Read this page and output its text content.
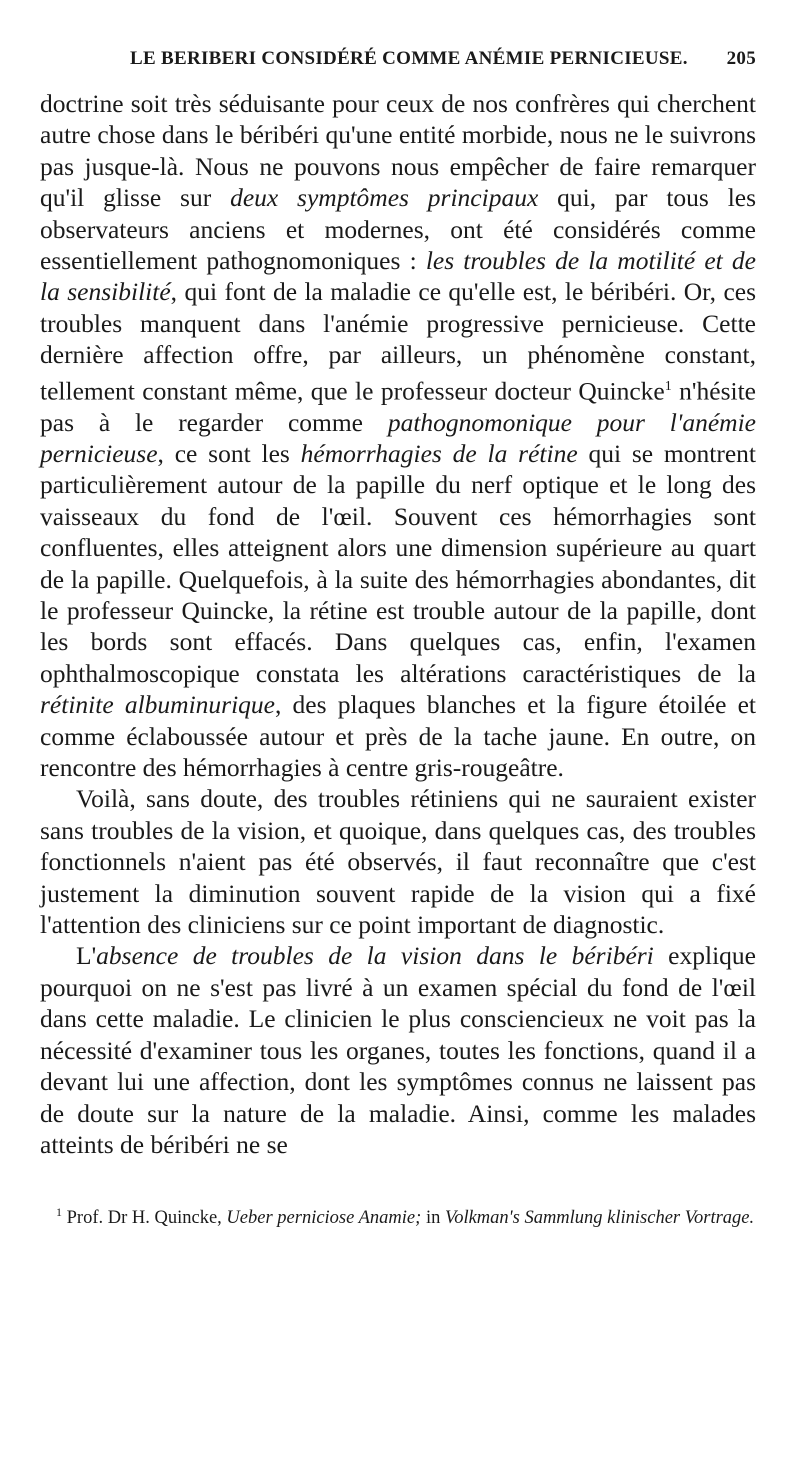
LE BERIBERI CONSIDÉRÉ COMME ANÉMIE PERNICIEUSE. 205

doctrine soit très séduisante pour ceux de nos confrères qui cherchent autre chose dans le béribéri qu'une entité morbide, nous ne le suivrons pas jusque-là. Nous ne pouvons nous empêcher de faire remarquer qu'il glisse sur deux symptômes principaux qui, par tous les observateurs anciens et modernes, ont été considérés comme essentiellement pathognomoniques : les troubles de la motilité et de la sensibilité, qui font de la maladie ce qu'elle est, le béribéri. Or, ces troubles manquent dans l'anémie progressive pernicieuse. Cette dernière affection offre, par ailleurs, un phénomène constant, tellement constant même, que le professeur docteur Quincke$^1$ n'hésite pas à le regarder comme pathognomonique pour l'anémie pernicieuse, ce sont les hémorrhagies de la rétine qui se montrent particulièrement autour de la papille du nerf optique et le long des vaisseaux du fond de l'œil. Souvent ces hémorrhagies sont confluentes, elles atteignent alors une dimension supérieure au quart de la papille. Quelquefois, à la suite des hémorrhagies abondantes, dit le professeur Quincke, la rétine est trouble autour de la papille, dont les bords sont effacés. Dans quelques cas, enfin, l'examen ophthalmoscopique constata les altérations caractéristiques de la rétinite albuminurique, des plaques blanches et la figure étoilée et comme éclaboussée autour et près de la tache jaune. En outre, on rencontre des hémorrhagies à centre gris-rougeâtre.

Voilà, sans doute, des troubles rétiniens qui ne sauraient exister sans troubles de la vision, et quoique, dans quelques cas, des troubles fonctionnels n'aient pas été observés, il faut reconnaître que c'est justement la diminution souvent rapide de la vision qui a fixé l'attention des cliniciens sur ce point important de diagnostic.

L'absence de troubles de la vision dans le béribéri explique pourquoi on ne s'est pas livré à un examen spécial du fond de l'œil dans cette maladie. Le clinicien le plus consciencieux ne voit pas la nécessité d'examiner tous les organes, toutes les fonctions, quand il a devant lui une affection, dont les symptômes connus ne laissent pas de doute sur la nature de la maladie. Ainsi, comme les malades atteints de béribéri ne se

$^1$ Prof. Dr H. Quincke, Ueber perniciose Anamie; in Volkman's Sammlung klinischer Vortrage.
